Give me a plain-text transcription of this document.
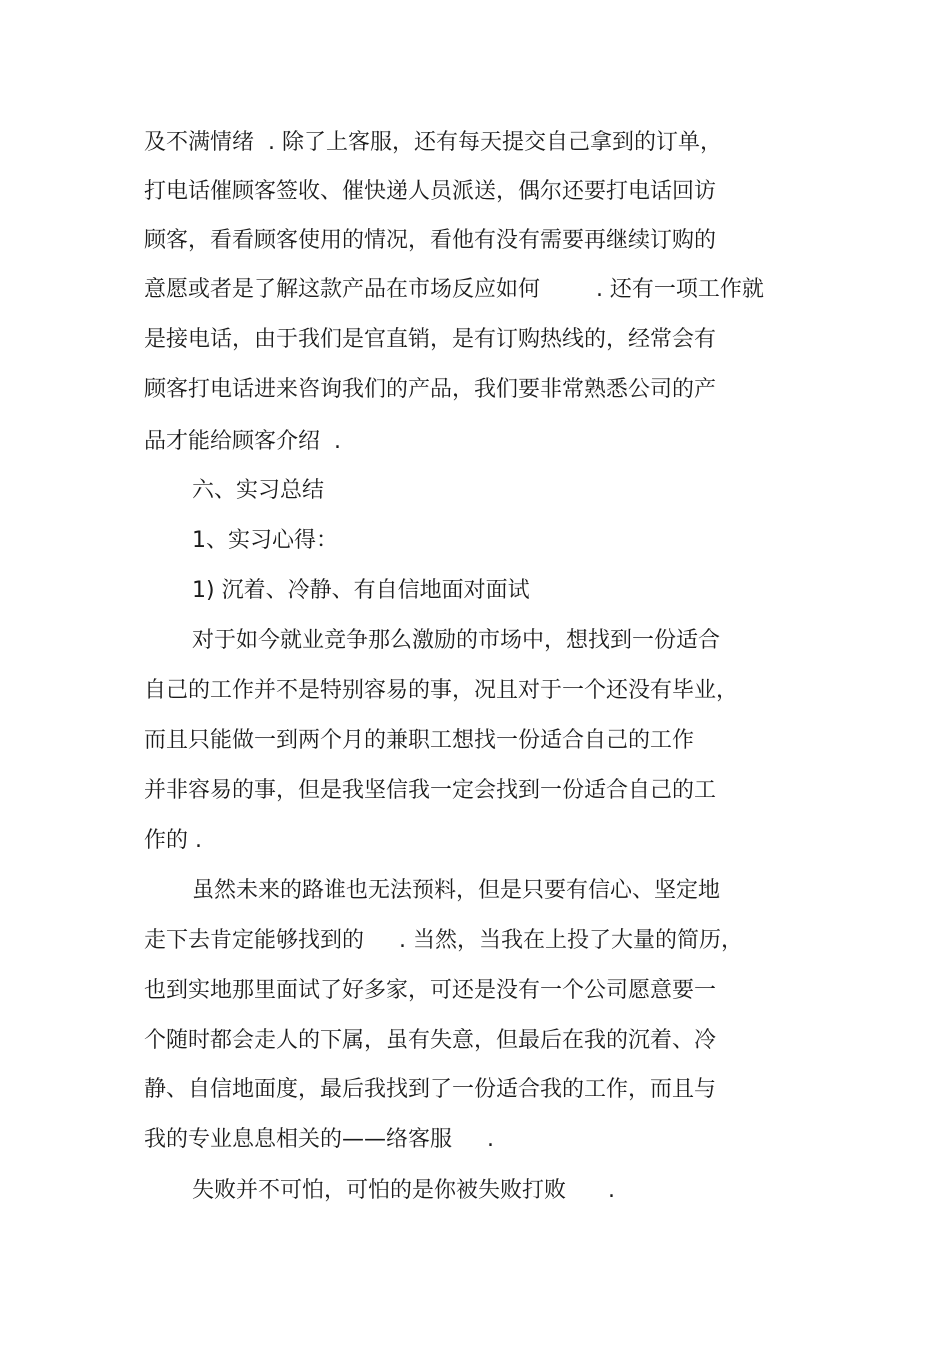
及不满情绪  . 除了上客服，还有每天提交自己拿到的订单，
打电话催顾客签收、催快递人员派送，偶尔还要打电话回访
顾客，看看顾客使用的情况，看他有没有需要再继续订购的
意愿或者是了解这款产品在市场反应如何        . 还有一项工作就
是接电话，由于我们是官直销，是有订购热线的，经常会有
顾客打电话进来咨询我们的产品，我们要非常熟悉公司的产
品才能给顾客介绍  .
六、实习总结
1、实习心得：
1) 沉着、冷静、有自信地面对面试
对于如今就业竞争那么激励的市场中，想找到一份适合
自己的工作并不是特别容易的事，况且对于一个还没有毕业，
而且只能做一到两个月的兼职工想找一份适合自己的工作
并非容易的事，但是我坚信我一定会找到一份适合自己的工
作的 .
虽然未来的路谁也无法预料，但是只要有信心、坚定地
走下去肯定能够找到的     . 当然，当我在上投了大量的简历，
也到实地那里面试了好多家，可还是没有一个公司愿意要一
个随时都会走人的下属，虽有失意，但最后在我的沉着、冷
静、自信地面度，最后我找到了一份适合我的工作，而且与
我的专业息息相关的——络客服     .
失败并不可怕，可怕的是你被失败打败      .
